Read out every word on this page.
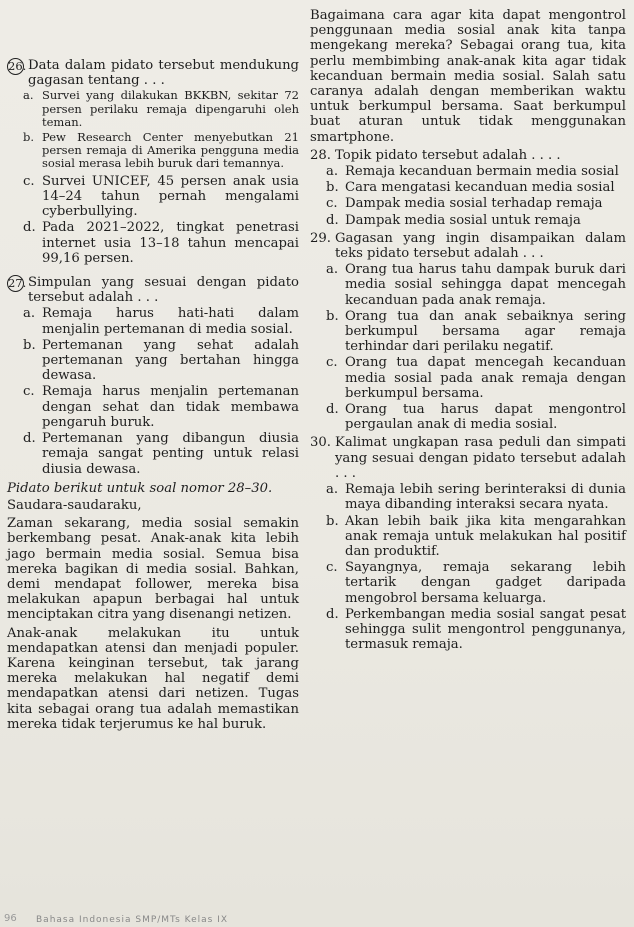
26. Data dalam pidato tersebut mendukung gagasan tentang . . .
a. Survei yang dilakukan BKKBN, sekitar 72 persen perilaku remaja dipengaruhi oleh teman.
b. Pew Research Center menyebutkan 21 persen remaja di Amerika pengguna media sosial merasa lebih buruk dari temannya.
c. Survei UNICEF, 45 persen anak usia 14–24 tahun pernah mengalami cyberbullying.
d. Pada 2021–2022, tingkat penetrasi internet usia 13–18 tahun mencapai 99,16 persen.
27. Simpulan yang sesuai dengan pidato tersebut adalah . . .
a. Remaja harus hati-hati dalam menjalin pertemanan di media sosial.
b. Pertemanan yang sehat adalah pertemanan yang bertahan hingga dewasa.
c. Remaja harus menjalin pertemanan dengan sehat dan tidak membawa pengaruh buruk.
d. Pertemanan yang dibangun diusia remaja sangat penting untuk relasi diusia dewasa.

Pidato berikut untuk soal nomor 28–30.

Saudara-saudaraku,

Zaman sekarang, media sosial semakin berkembang pesat. Anak-anak kita lebih jago bermain media sosial. Semua bisa mereka bagikan di media sosial. Bahkan, demi mendapat follower, mereka bisa melakukan apapun berbagai hal untuk menciptakan citra yang disenangi netizen.

Anak-anak melakukan itu untuk mendapatkan atensi dan menjadi populer. Karena keinginan tersebut, tak jarang mereka melakukan hal negatif demi mendapatkan atensi dari netizen. Tugas kita sebagai orang tua adalah memastikan mereka tidak terjerumus ke hal buruk.

Bagaimana cara agar kita dapat mengontrol penggunaan media sosial anak kita tanpa mengekang mereka? Sebagai orang tua, kita perlu membimbing anak-anak kita agar tidak kecanduan bermain media sosial. Salah satu caranya adalah dengan memberikan waktu untuk berkumpul bersama. Saat berkumpul buat aturan untuk tidak menggunakan smartphone.

28. Topik pidato tersebut adalah . . . .
a. Remaja kecanduan bermain media sosial
b. Cara mengatasi kecanduan media sosial
c. Dampak media sosial terhadap remaja
d. Dampak media sosial untuk remaja
29. Gagasan yang ingin disampaikan dalam teks pidato tersebut adalah . . .
a. Orang tua harus tahu dampak buruk dari media sosial sehingga dapat mencegah kecanduan pada anak remaja.
b. Orang tua dan anak sebaiknya sering berkumpul bersama agar remaja terhindar dari perilaku negatif.
c. Orang tua dapat mencegah kecanduan media sosial pada anak remaja dengan berkumpul bersama.
d. Orang tua harus dapat mengontrol pergaulan anak di media sosial.
30. Kalimat ungkapan rasa peduli dan simpati yang sesuai dengan pidato tersebut adalah . . .
a. Remaja lebih sering berinteraksi di dunia maya dibanding interaksi secara nyata.
b. Akan lebih baik jika kita mengarahkan anak remaja untuk melakukan hal positif dan produktif.
c. Sayangnya, remaja sekarang lebih tertarik dengan gadget daripada mengobrol bersama keluarga.
d. Perkembangan media sosial sangat pesat sehingga sulit mengontrol penggunanya, termasuk remaja.
96 Bahasa Indonesia SMP/MTs Kelas IX
